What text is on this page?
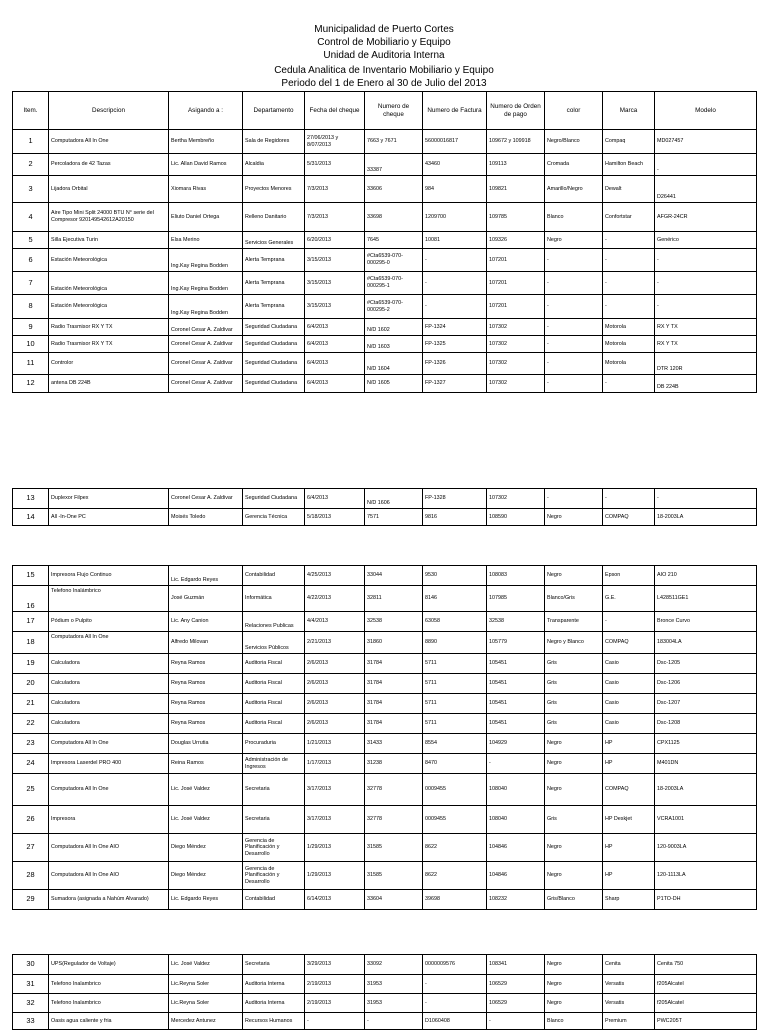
Municipalidad de Puerto Cortes
Control de Mobiliario y Equipo
Unidad de Auditoria Interna
Cedula Analitica de Inventario Mobiliario y Equipo
Periodo del 1 de Enero al 30 de Julio del 2013
Item.	Descripcion	Asigando a :	Departamento	Fecha del cheque	Numero de cheque	Numero de Factura	Numero de Orden de pago	color	Marca	Modelo
1	Computadora All In One	Bertha Membreño	Sala de Regidores	27/06/2013 y 8/07/2013	7663 y 7671	56000016817	109672 y 109918	Negro/Blanco	Compaq	MD027457
2	Percoladora de 42 Tazas	Lic. Allan David Ramos	Alcaldia	5/31/2013	33387	43460	109113	Cromada	Hamilton Beach	-
3	Lijadora Orbital	Xiomara Rivas	Proyectos Menores	7/3/2013	33606	984	109821	Amarillo/Negro	Dewalt	D26441
4	Aire Tipo Mini Split 24000 BTU N° serie del Compresor 920149542612A20150	Eliuto Daniel Ortega	Relleno Danitario	7/3/2013	33698	1209700	109785	Blanco	Confortstar	AFGR-24CR
5	Silla Ejecutiva Turin	Elsa Merino	Servicios Generales	6/20/2013	7645	10081	109326	Negro	-	Genérico
6	Estación Meteorológica	Ing.Kay Regina Bodden	Alerta Temprana	3/15/2013	#Cta6539-070-000295-0	-	107201	-	-	-
7	Estación Meteorológica	Ing.Kay Regina Bodden	Alerta Temprana	3/15/2013	#Cta6539-070-000295-1	-	107201	-	-	-
8	Estación Meteorológica	Ing.Kay Regina Bodden	Alerta Temprana	3/15/2013	#Cta6539-070-000295-2	-	107201	-	-	-
9	Radio Trasmisor RX Y TX	Coronel Cesar A. Zaldivar	Seguridad Ciudadana	6/4/2013	N/D 1602	FP-1324	107302	-	Motorola	RX Y TX
10	Radio Trasmisor RX Y TX	Coronel Cesar A. Zaldivar	Seguridad Ciudadana	6/4/2013	N/D 1603	FP-1325	107302	-	Motorola	RX Y TX
11	Controlor	Coronel Cesar A. Zaldivar	Seguridad Ciudadana	6/4/2013	N/D 1604	FP-1326	107302	-	Motorola	DTR 120R
12	antena DB 224B	Coronel Cesar A. Zaldivar	Seguridad Ciudadana	6/4/2013	N/D 1605	FP-1327	107302	-	-	DB 224B
13	Duplexor Filpex	Coronel Cesar A. Zaldivar	Seguridad Ciudadana	6/4/2013	N/D 1606	FP-1328	107302	-	-	-
14	All -In-One PC	Moisés Toledo	Gerencia Técnica	5/18/2013	7571	9816	108590	Negro	COMPAQ	18-2003LA
15	Impresora Flujo Continuo	Lic. Edgardo Reyes	Contabilidad	4/25/2013	33044	9530	108083	Negro	Epson	AIO 210
16	Telefono Inalámbrico	José Guzmán	Informática	4/22/2013	32811	8146	107985	Blanco/Gris	G.E.	L428511GE1
17	Pódium o Pulpito	Lic. Any Canion	Relaciones Publicas	4/4/2013	32538	63058	32538	Transparente	-	Bronce Curvo
18	Computadora All In One	Alfredo Milovan	Servicios Públicos	2/21/2013	31860	8890	105779	Negro y Blanco	COMPAQ	183004LA
19	Calculadora	Reyna Ramos	Auditoria Fiscal	2/6/2013	31784	5711	105451	Gris	Casio	Dsc-1205
20	Calculadora	Reyna Ramos	Auditoria Fiscal	2/6/2013	31784	5711	105451	Gris	Casio	Dsc-1206
21	Calculadora	Reyna Ramos	Auditoria Fiscal	2/6/2013	31784	5711	105451	Gris	Casio	Dsc-1207
22	Calculadora	Reyna Ramos	Auditoria Fiscal	2/6/2013	31784	5711	105451	Gris	Casio	Dsc-1208
23	Computadora All In One	Douglas Urrutia	Procuraduria	1/21/2013	31433	8554	104929	Negro	HP	CPX1125
24	Impresora Laserdel PRO 400	Reina Ramos	Administración de Ingresos	1/17/2013	31238	8470	-	Negro	HP	M401DN
25	Computadora All In One	Lic. José Valdez	Secretaria	3/17/2013	32778	0009455	108040	Negro	COMPAQ	18-2003LA
26	Impresora	Lic. José Valdez	Secretaria	3/17/2013	32778	0009455	108040	Gris	HP Deskjet	VCRA1001
27	Computadora All In One AIO	Diego Méndez	Gerencia de Planificación y Desarrollo	1/29/2013	31585	8622	104846	Negro	HP	120-9003LA
28	Computadora All In One AIO	Diego Méndez	Gerencia de Planificación y Desarrollo	1/29/2013	31585	8622	104846	Negro	HP	120-1113LA
29	Sumadora (asignada a Nahúm Alvarado)	Lic. Edgardo Reyes	Contabilidad	6/14/2013	33604	39698	108232	Gris/Blanco	Sharp	P1TO-DH
30	UPS(Regulador de Voltaje)	Lic. José Valdez	Secretaria	3/29/2013	33092	0000009576	108341	Negro	Cenita	Cenita 750
31	Telefono Inalambrico	Lic.Reyna Soler	Auditoria Interna	2/19/2013	31953	-	106529	Negro	Versatis	f205Alcatel
32	Telefono Inalambrico	Lic.Reyna Soler	Auditoria Interna	2/19/2013	31953	-	106529	Negro	Versatis	f205Alcatel
33	Oasis agua caliente y fria	Mercedez Antunez	Recursos Humanos	-	-	D1060408	-	Blanco	Premium	PWC205T
